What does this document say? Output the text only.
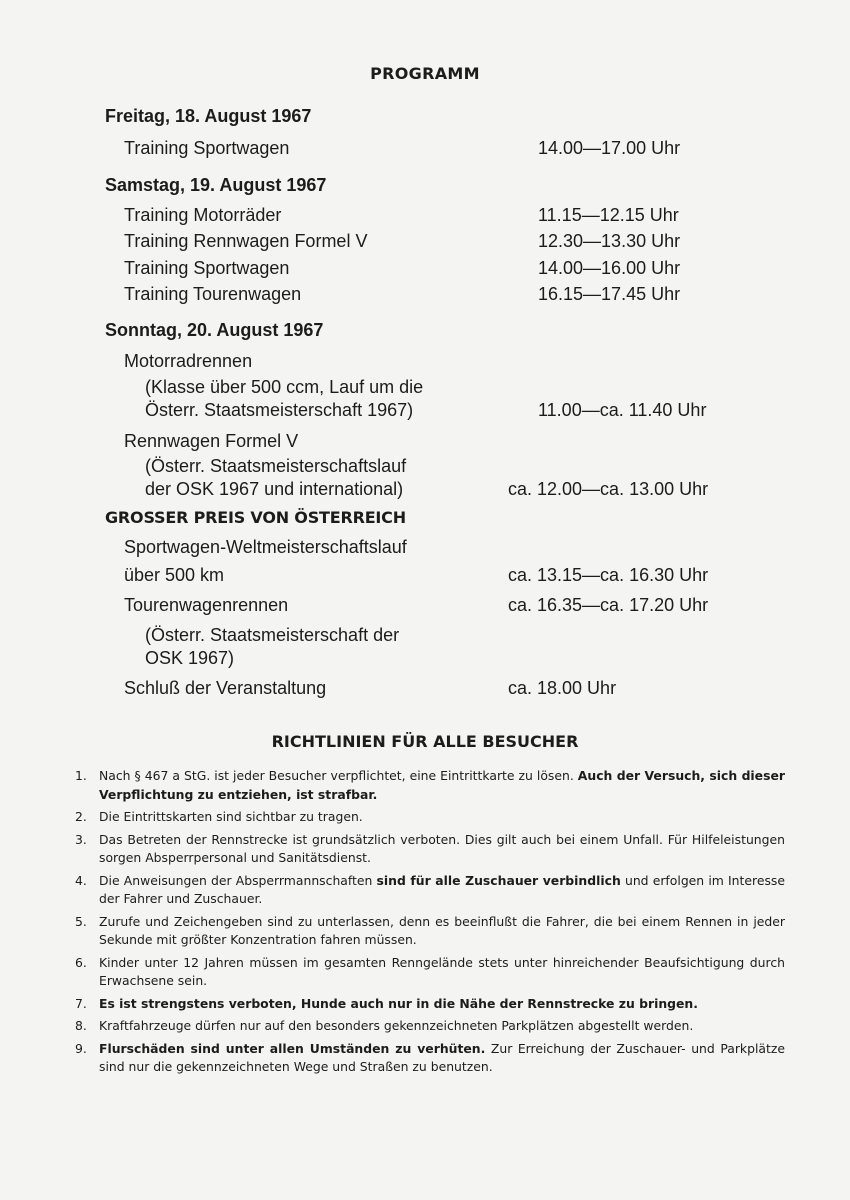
PROGRAMM
Freitag, 18. August 1967
Training Sportwagen	14.00—17.00 Uhr
Samstag, 19. August 1967
Training Motorräder	11.15—12.15 Uhr
Training Rennwagen Formel V	12.30—13.30 Uhr
Training Sportwagen	14.00—16.00 Uhr
Training Tourenwagen	16.15—17.45 Uhr
Sonntag, 20. August 1967
Motorradrennen
(Klasse über 500 ccm, Lauf um die
Österr. Staatsmeisterschaft 1967)	11.00—ca. 11.40 Uhr
Rennwagen Formel V
(Österr. Staatsmeisterschaftslauf
der OSK 1967 und international)	ca. 12.00—ca. 13.00 Uhr
GROSSER PREIS VON ÖSTERREICH
Sportwagen-Weltmeisterschaftslauf
über 500 km	ca. 13.15—ca. 16.30 Uhr
Tourenwagenrennen	ca. 16.35—ca. 17.20 Uhr
(Österr. Staatsmeisterschaft der
OSK 1967)
Schluß der Veranstaltung	ca. 18.00 Uhr
RICHTLINIEN FÜR ALLE BESUCHER
1. Nach § 467 a StG. ist jeder Besucher verpflichtet, eine Eintrittkarte zu lösen. Auch der Versuch, sich dieser Verpflichtung zu entziehen, ist strafbar.
2. Die Eintrittskarten sind sichtbar zu tragen.
3. Das Betreten der Rennstrecke ist grundsätzlich verboten. Dies gilt auch bei einem Unfall. Für Hilfeleistungen sorgen Absperrpersonal und Sanitätsdienst.
4. Die Anweisungen der Absperrmannschaften sind für alle Zuschauer verbindlich und erfolgen im Interesse der Fahrer und Zuschauer.
5. Zurufe und Zeichengeben sind zu unterlassen, denn es beeinflußt die Fahrer, die bei einem Rennen in jeder Sekunde mit größter Konzentration fahren müssen.
6. Kinder unter 12 Jahren müssen im gesamten Renngelände stets unter hinreichender Beaufsichtigung durch Erwachsene sein.
7. Es ist strengstens verboten, Hunde auch nur in die Nähe der Rennstrecke zu bringen.
8. Kraftfahrzeuge dürfen nur auf den besonders gekennzeichneten Parkplätzen abgestellt werden.
9. Flurschäden sind unter allen Umständen zu verhüten. Zur Erreichung der Zuschauer- und Parkplätze sind nur die gekennzeichneten Wege und Straßen zu benutzen.
